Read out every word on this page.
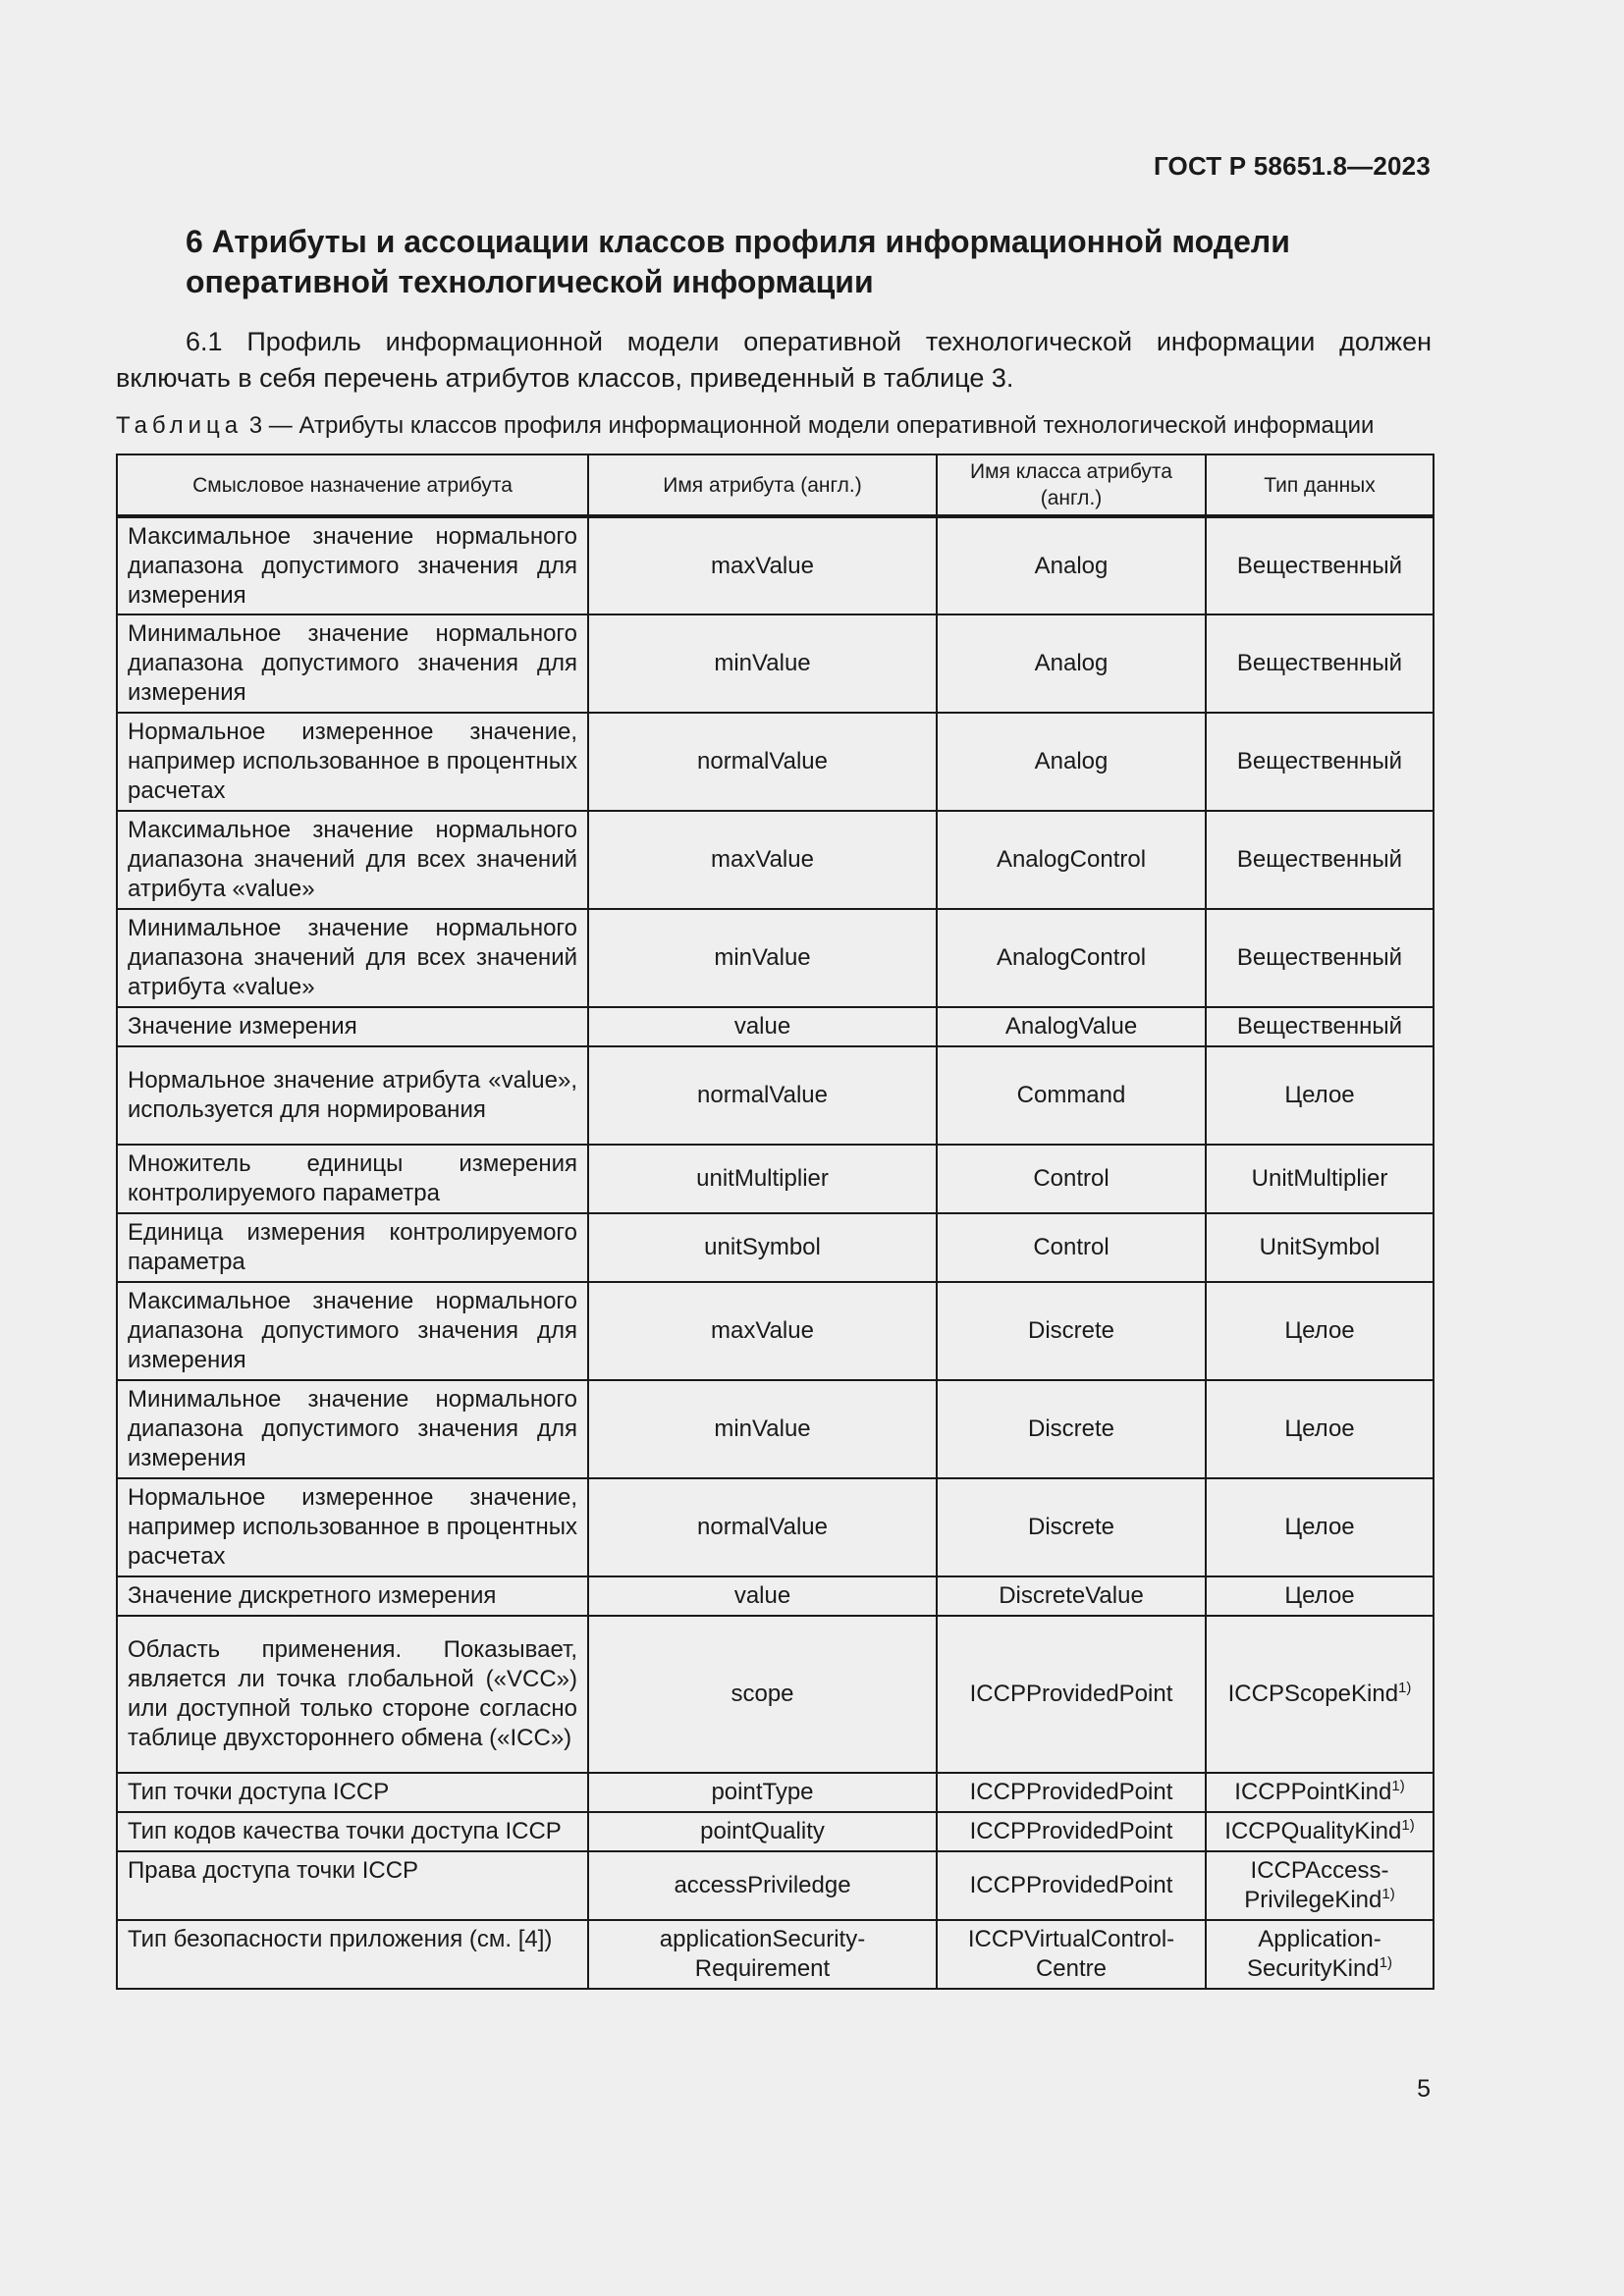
ГОСТ Р 58651.8—2023
6 Атрибуты и ассоциации классов профиля информационной модели оперативной технологической информации
6.1 Профиль информационной модели оперативной технологической информации должен включать в себя перечень атрибутов классов, приведенный в таблице 3.
Таблица 3 — Атрибуты классов профиля информационной модели оперативной технологической информации
Смысловое назначение атрибута	Имя атрибута (англ.)	Имя класса атрибута (англ.)	Тип данных
Максимальное значение нормального диапазона допустимого значения для измерения	maxValue	Analog	Вещественный
Минимальное значение нормального диапазона допустимого значения для измерения	minValue	Analog	Вещественный
Нормальное измеренное значение, например использованное в процентных расчетах	normalValue	Analog	Вещественный
Максимальное значение нормального диапазона значений для всех значений атрибута «value»	maxValue	AnalogControl	Вещественный
Минимальное значение нормального диапазона значений для всех значений атрибута «value»	minValue	AnalogControl	Вещественный
Значение измерения	value	AnalogValue	Вещественный
Нормальное значение атрибута «value», используется для нормирования	normalValue	Command	Целое
Множитель единицы измерения контролируемого параметра	unitMultiplier	Control	UnitMultiplier
Единица измерения контролируемого параметра	unitSymbol	Control	UnitSymbol
Максимальное значение нормального диапазона допустимого значения для измерения	maxValue	Discrete	Целое
Минимальное значение нормального диапазона допустимого значения для измерения	minValue	Discrete	Целое
Нормальное измеренное значение, например использованное в процентных расчетах	normalValue	Discrete	Целое
Значение дискретного измерения	value	DiscreteValue	Целое
Область применения. Показывает, является ли точка глобальной («VCC») или доступной только стороне согласно таблице двухстороннего обмена («ICC»)	scope	ICCPProvidedPoint	ICCPScopeKind$^{1)}$
Тип точки доступа ICCP	pointType	ICCPProvidedPoint	ICCPPointKind$^{1)}$
Тип кодов качества точки доступа ICCP	pointQuality	ICCPProvidedPoint	ICCPQualityKind$^{1)}$
Права доступа точки ICCP	accessPriviledge	ICCPProvidedPoint	ICCPAccess-PrivilegeKind$^{1)}$
Тип безопасности приложения (см. [4])	applicationSecurity-Requirement	ICCPVirtualControl-Centre	Application-SecurityKind$^{1)}$
5
